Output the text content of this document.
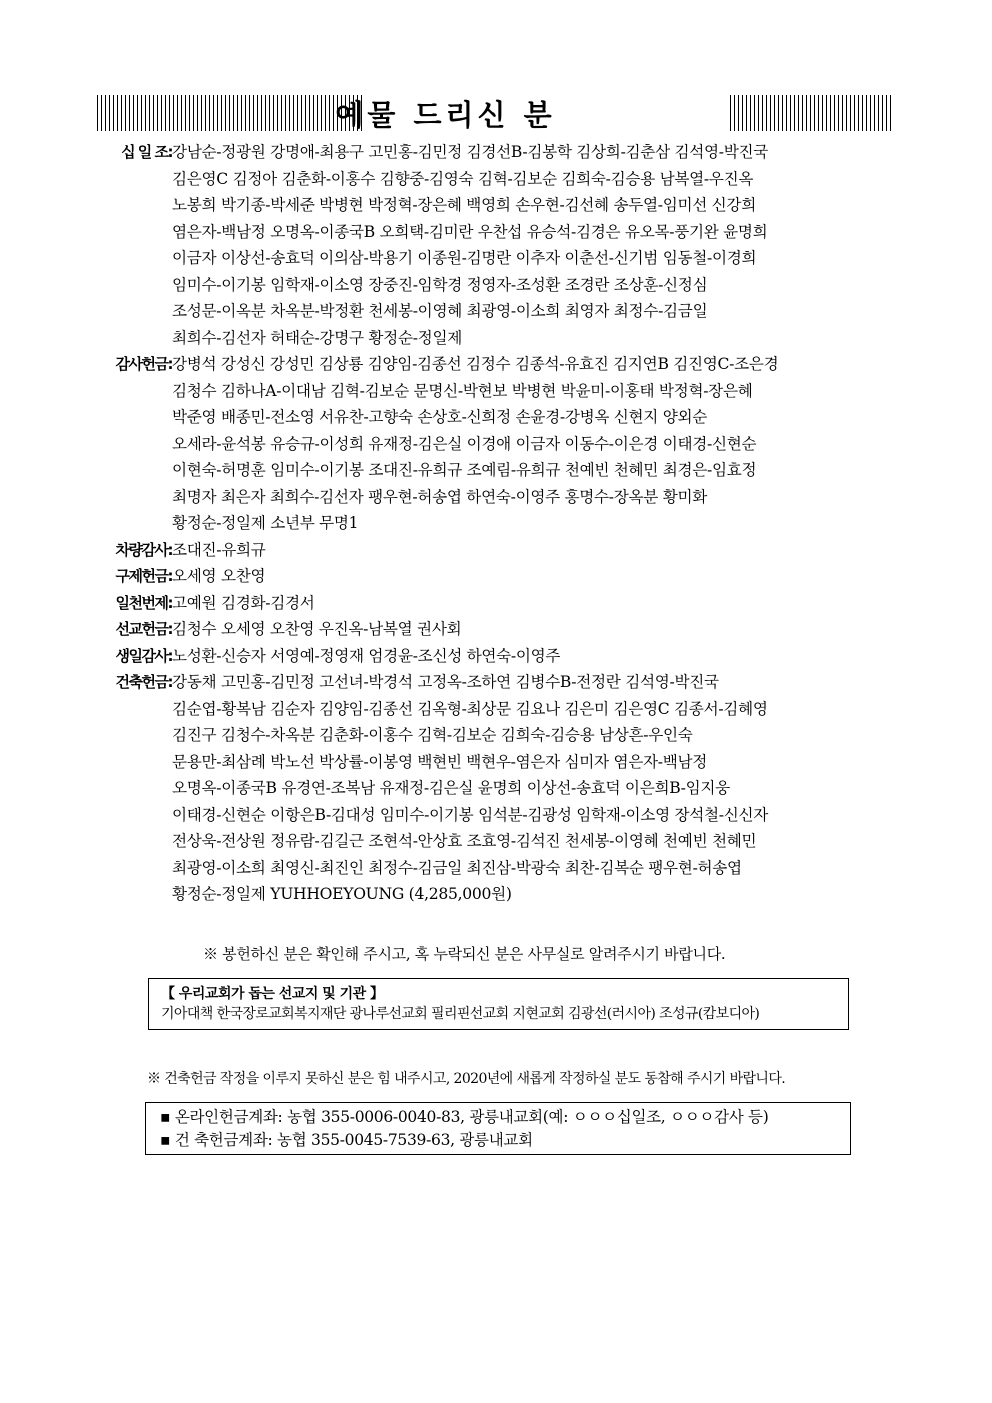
예물 드리신 분
십 일 조: 강남순-정광원 강명애-최용구 고민홍-김민정 김경선B-김봉학 김상희-김춘삼 김석영-박진국
김은영C 김정아 김춘화-이홍수 김향중-김영숙 김혁-김보순 김희숙-김승용 남복열-우진옥
노봉희 박기종-박세준 박병현 박정혁-장은혜 백영희 손우현-김선혜 송두열-임미선 신강희
염은자-백남정 오명옥-이종국B 오희택-김미란 우찬섭 유승석-김경은 유오목-풍기완 윤명희
이금자 이상선-송효덕 이의삼-박용기 이종원-김명란 이추자 이춘선-신기범 임동철-이경희
임미수-이기봉 임학재-이소영 장중진-임학경 정영자-조성환 조경란 조상훈-신정심
조성문-이옥분 차옥분-박정환 천세봉-이영혜 최광영-이소희 최영자 최정수-김금일
최희수-김선자 허태순-강명구 황정순-정일제
감사헌금: 강병석 강성신 강성민 김상룡 김양임-김종선 김정수 김종석-유효진 김지연B 김진영C-조은경
김청수 김하나A-이대남 김혁-김보순 문명신-박현보 박병현 박윤미-이홍태 박정혁-장은혜
박준영 배종민-전소영 서유찬-고향숙 손상호-신희정 손윤경-강병옥 신현지 양외순
오세라-윤석봉 유승규-이성희 유재정-김은실 이경애 이금자 이동수-이은경 이태경-신현순
이현숙-허명훈 임미수-이기봉 조대진-유희규 조예림-유희규 천예빈 천혜민 최경은-임효정
최명자 최은자 최희수-김선자 팽우현-허송엽 하연숙-이영주 홍명수-장옥분 황미화
황정순-정일제 소년부 무명1
차량감사: 조대진-유희규
구제헌금: 오세영 오찬영
일천번제: 고예원 김경화-김경서
선교헌금: 김청수 오세영 오찬영 우진옥-남복열 권사회
생일감사: 노성환-신승자 서영예-정영재 엄경윤-조신성 하연숙-이영주
건축헌금: 강동채 고민홍-김민정 고선녀-박경석 고정옥-조하연 김병수B-전정란 김석영-박진국
김순엽-황복남 김순자 김양임-김종선 김옥형-최상문 김요나 김은미 김은영C 김종서-김혜영
김진구 김청수-차옥분 김춘화-이홍수 김혁-김보순 김희숙-김승용 남상흔-우인숙
문용만-최삼례 박노선 박상률-이봉영 백현빈 백현우-염은자 심미자 염은자-백남정
오명옥-이종국B 유경연-조복남 유재정-김은실 윤명희 이상선-송효덕 이은희B-임지웅
이태경-신현순 이항은B-김대성 임미수-이기봉 임석분-김광성 임학재-이소영 장석철-신신자
전상욱-전상원 정유람-김길근 조현석-안상효 조효영-김석진 천세봉-이영혜 천예빈 천혜민
최광영-이소희 최영신-최진인 최정수-김금일 최진삼-박광숙 최찬-김복순 팽우현-허송엽
황정순-정일제 YUHHOEYOUNG (4,285,000원)
※ 봉헌하신 분은 확인해 주시고, 혹 누락되신 분은 사무실로 알려주시기 바랍니다.
【 우리교회가 돕는 선교지 및 기관 】
기아대책 한국장로교회복지재단 광나루선교회 필리핀선교회 지현교회 김광선(러시아) 조성규(캄보디아)
※ 건축헌금 작정을 이루지 못하신 분은 힘 내주시고, 2020년에 새롭게 작정하실 분도 동참해 주시기 바랍니다.
▪ 온라인헌금계좌: 농협 355-0006-0040-83, 광릉내교회(예: ㅇㅇㅇ십일조, ㅇㅇㅇ감사 등)
▪ 건 축헌금계좌: 농협 355-0045-7539-63, 광릉내교회
